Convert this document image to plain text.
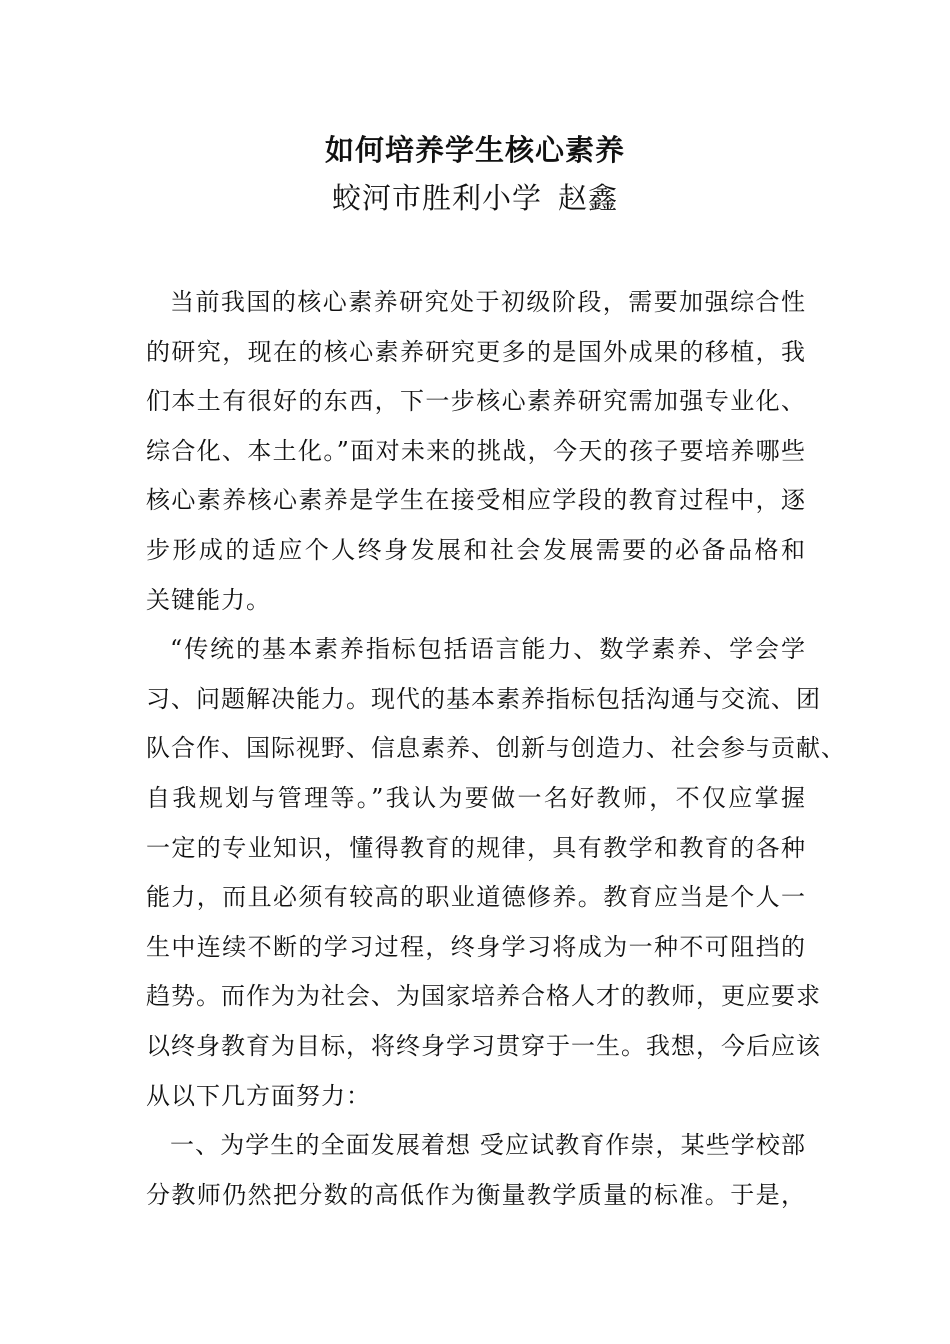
如何培养学生核心素养
蛟河市胜利小学 赵鑫

当前我国的核心素养研究处于初级阶段，需要加强综合性
的研究，现在的核心素养研究更多的是国外成果的移植，我
们本土有很好的东西，下一步核心素养研究需加强专业化、
综合化、本土化。”面对未来的挑战，今天的孩子要培养哪些
核心素养核心素养是学生在接受相应学段的教育过程中，逐
步形成的适应个人终身发展和社会发展需要的必备品格和
关键能力。

“传统的基本素养指标包括语言能力、数学素养、学会学
习、问题解决能力。现代的基本素养指标包括沟通与交流、团
队合作、国际视野、信息素养、创新与创造力、社会参与贡献、
自我规划与管理等。”我认为要做一名好教师，不仅应掌握
一定的专业知识，懂得教育的规律，具有教学和教育的各种
能力，而且必须有较高的职业道德修养。教育应当是个人一
生中连续不断的学习过程，终身学习将成为一种不可阻挡的
趋势。而作为为社会、为国家培养合格人才的教师，更应要求
以终身教育为目标，将终身学习贯穿于一生。我想，今后应该
从以下几方面努力：

一、为学生的全面发展着想 受应试教育作崇，某些学校部
分教师仍然把分数的高低作为衡量教学质量的标准。于是，
